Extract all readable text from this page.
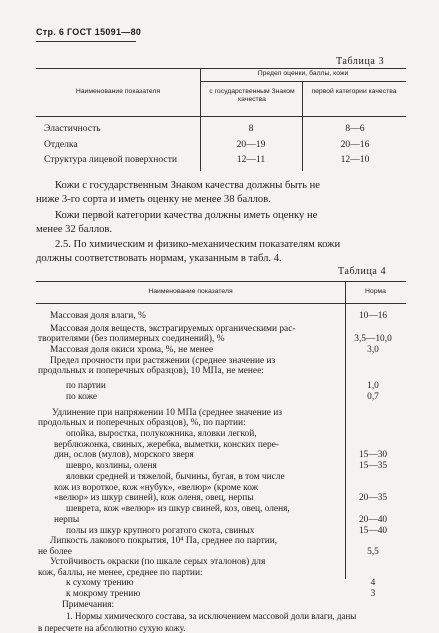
Стр. 6 ГОСТ 15091—80
Таблица 3
Наименование показателя
Предел оценки, баллы, кожи
с государственным Знаком качества
первой категории качества
Эластичность	8	8—6
Отделка	20—19	20—16
Структура лицевой поверхности	12—11	12—10
Кожи с государственным Знаком качества должны быть не
ниже 3-го сорта и иметь оценку не менее 38 баллов.
Кожи первой категории качества должны иметь оценку не
менее 32 баллов.
2.5. По химическим и физико-механическим показателям кожи
должны соответствовать нормам, указанным в табл. 4.
Таблица 4
Наименование показателя	Норма
Массовая доля влаги, %	10—16
Массовая доля веществ, экстрагируемых органическими рас-
творителями (без полимерных соединений), %	3,5—10,0
Массовая доля окиси хрома, %, не менее	3,0
Предел прочности при растяжении (среднее значение из
продольных и поперечных образцов), 10 МПа, не менее:
по партии	1,0
по коже	0,7
Удлинение при напряжении 10 МПа (среднее значение из
продольных и поперечных образцов), %, по партии:
опойка, выростка, полукожника, яловки легкой,
верблюжонка, свиных, жеребка, выметки, конских пере-
дин, ослов (мулов), морского зверя	15—30
шевро, козлины, оленя	15—35
яловки средней и тяжелой, бычины, бугая, в том числе
кож из вороткое, кож «нубук», «велюр» (кроме кож
«велюр» из шкур свиней), кож оленя, овец, нерпы	20—35
шеврета, кож «велюр» из шкур свиней, коз, овец, оленя,
нерпы	20—40
полы из шкур крупного рогатого скота, свиных	15—40
Липкость лакового покрытия, 10⁴ Па, среднее по партии,
не более	5,5
Устойчивость окраски (по шкале серых эталонов) для
кож, баллы, не менее, среднее по партии:
к сухому трению	4
к мокрому трению	3
Примечания:
1. Нормы химического состава, за исключением массовой доли влаги, даны
в пересчете на абсолютно сухую кожу.
